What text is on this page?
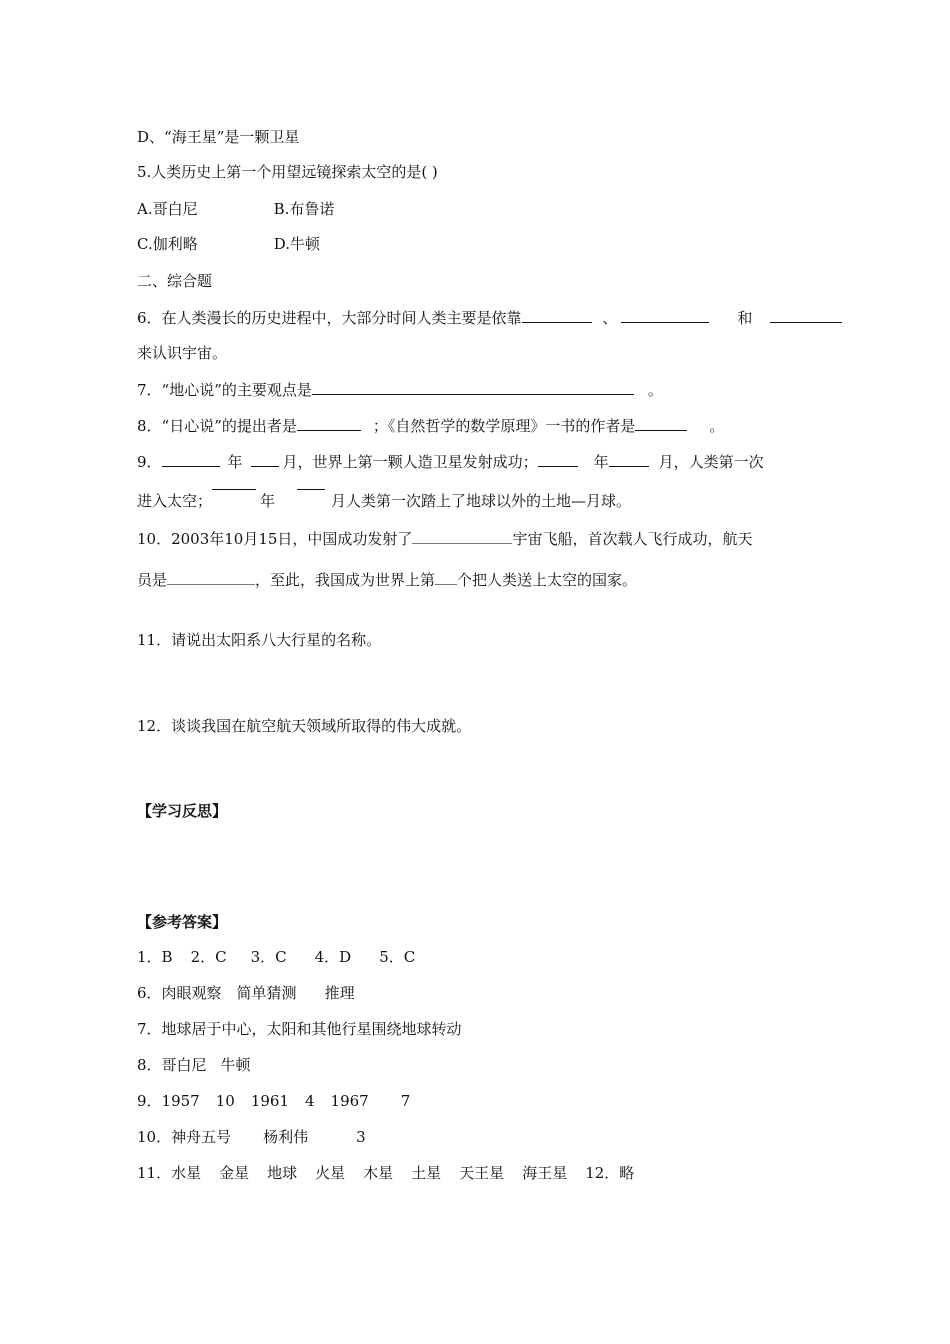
D、“海王星”是一颗卫星
5.人类历史上第一个用望远镜探索太空的是( )
A.哥白尼	B.布鲁诺
C.伽利略	D.牛顿
二、综合题
6．在人类漫长的历史进程中，大部分时间人类主要是依靠	、	和
来认识宇宙。
7．“地心说”的主要观点是	。
8．“日心说”的提出者是	；《自然哲学的数学原理》一书的作者是	。
9．	年	月，世界上第一颗人造卫星发射成功；	年	月，人类第一次
进入太空；	年	月人类第一次踏上了地球以外的土地—月球。
10．2003年10月15日，中国成功发射了	宇宙飞船，首次载人飞行成功，航天
员是	，至此，我国成为世界上第 个把人类送上太空的国家。
11．请说出太阳系八大行星的名称。
12．谈谈我国在航空航天领域所取得的伟大成就。
【学习反思】
【参考答案】
1．B 2．C 3．C 4．D 5．C
6．肉眼观察 简单猜测 推理
7．地球居于中心，太阳和其他行星围绕地球转动
8．哥白尼 牛顿
9．1957 10 1961 4 1967 7
10．神舟五号 杨利伟	3
11．水星 金星 地球 火星 木星 土星 天王星 海王星 12．略
